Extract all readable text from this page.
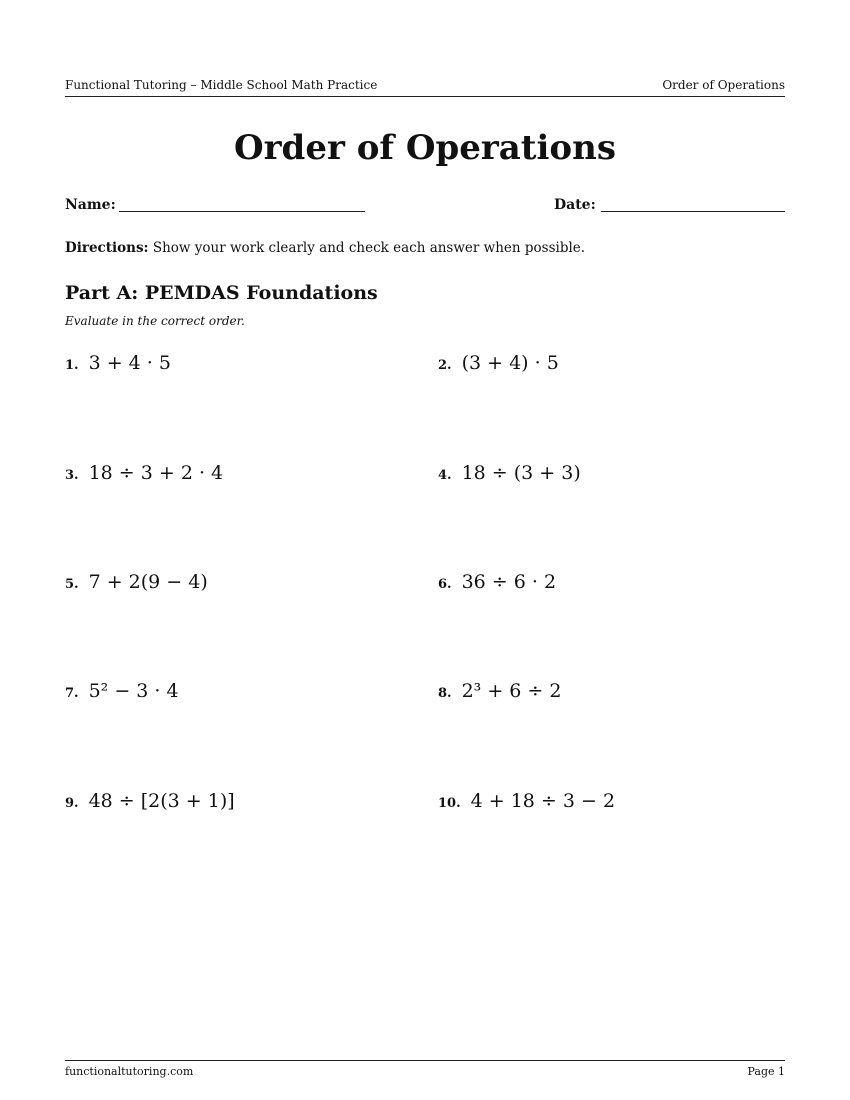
Functional Tutoring – Middle School Math Practice	Order of Operations
Order of Operations
Name:	Date:
Directions: Show your work clearly and check each answer when possible.
Part A: PEMDAS Foundations
Evaluate in the correct order.
1. 3 + 4 · 5	2. (3 + 4) · 5
3. 18 ÷ 3 + 2 · 4	4. 18 ÷ (3 + 3)
5. 7 + 2(9 − 4)	6. 36 ÷ 6 · 2
7. 5² − 3 · 4	8. 2³ + 6 ÷ 2
9. 48 ÷ [2(3 + 1)]	10. 4 + 18 ÷ 3 − 2
functionaltutoring.com	Page 1
